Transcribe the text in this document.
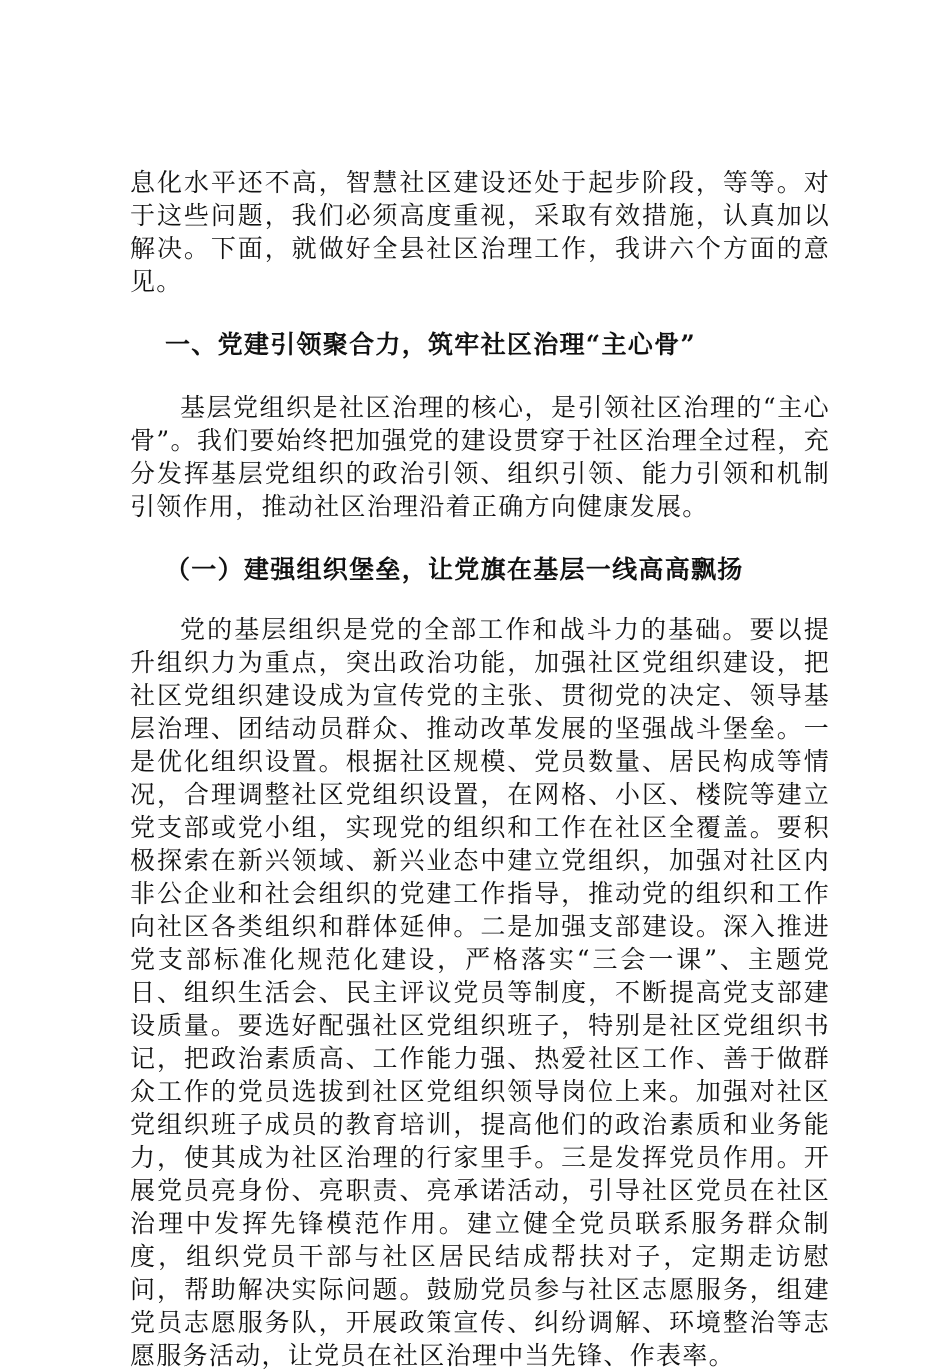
息化水平还不高，智慧社区建设还处于起步阶段，等等。对于这些问题，我们必须高度重视，采取有效措施，认真加以解决。下面，就做好全县社区治理工作，我讲六个方面的意见。

一、党建引领聚合力，筑牢社区治理“主心骨”

基层党组织是社区治理的核心，是引领社区治理的“主心骨”。我们要始终把加强党的建设贯穿于社区治理全过程，充分发挥基层党组织的政治引领、组织引领、能力引领和机制引领作用，推动社区治理沿着正确方向健康发展。

（一）建强组织堡垒，让党旗在基层一线高高飘扬

党的基层组织是党的全部工作和战斗力的基础。要以提升组织力为重点，突出政治功能，加强社区党组织建设，把社区党组织建设成为宣传党的主张、贯彻党的决定、领导基层治理、团结动员群众、推动改革发展的坚强战斗堡垒。一是优化组织设置。根据社区规模、党员数量、居民构成等情况，合理调整社区党组织设置，在网格、小区、楼院等建立党支部或党小组，实现党的组织和工作在社区全覆盖。要积极探索在新兴领域、新兴业态中建立党组织，加强对社区内非公企业和社会组织的党建工作指导，推动党的组织和工作向社区各类组织和群体延伸。二是加强支部建设。深入推进党支部标准化规范化建设，严格落实“三会一课”、主题党日、组织生活会、民主评议党员等制度，不断提高党支部建设质量。要选好配强社区党组织班子，特别是社区党组织书记，把政治素质高、工作能力强、热爱社区工作、善于做群众工作的党员选拔到社区党组织领导岗位上来。加强对社区党组织班子成员的教育培训，提高他们的政治素质和业务能力，使其成为社区治理的行家里手。三是发挥党员作用。开展党员亮身份、亮职责、亮承诺活动，引导社区党员在社区治理中发挥先锋模范作用。建立健全党员联系服务群众制度，组织党员干部与社区居民结成帮扶对子，定期走访慰问，帮助解决实际问题。鼓励党员参与社区志愿服务，组建党员志愿服务队，开展政策宣传、纠纷调解、环境整治等志愿服务活动，让党员在社区治理中当先锋、作表率。
